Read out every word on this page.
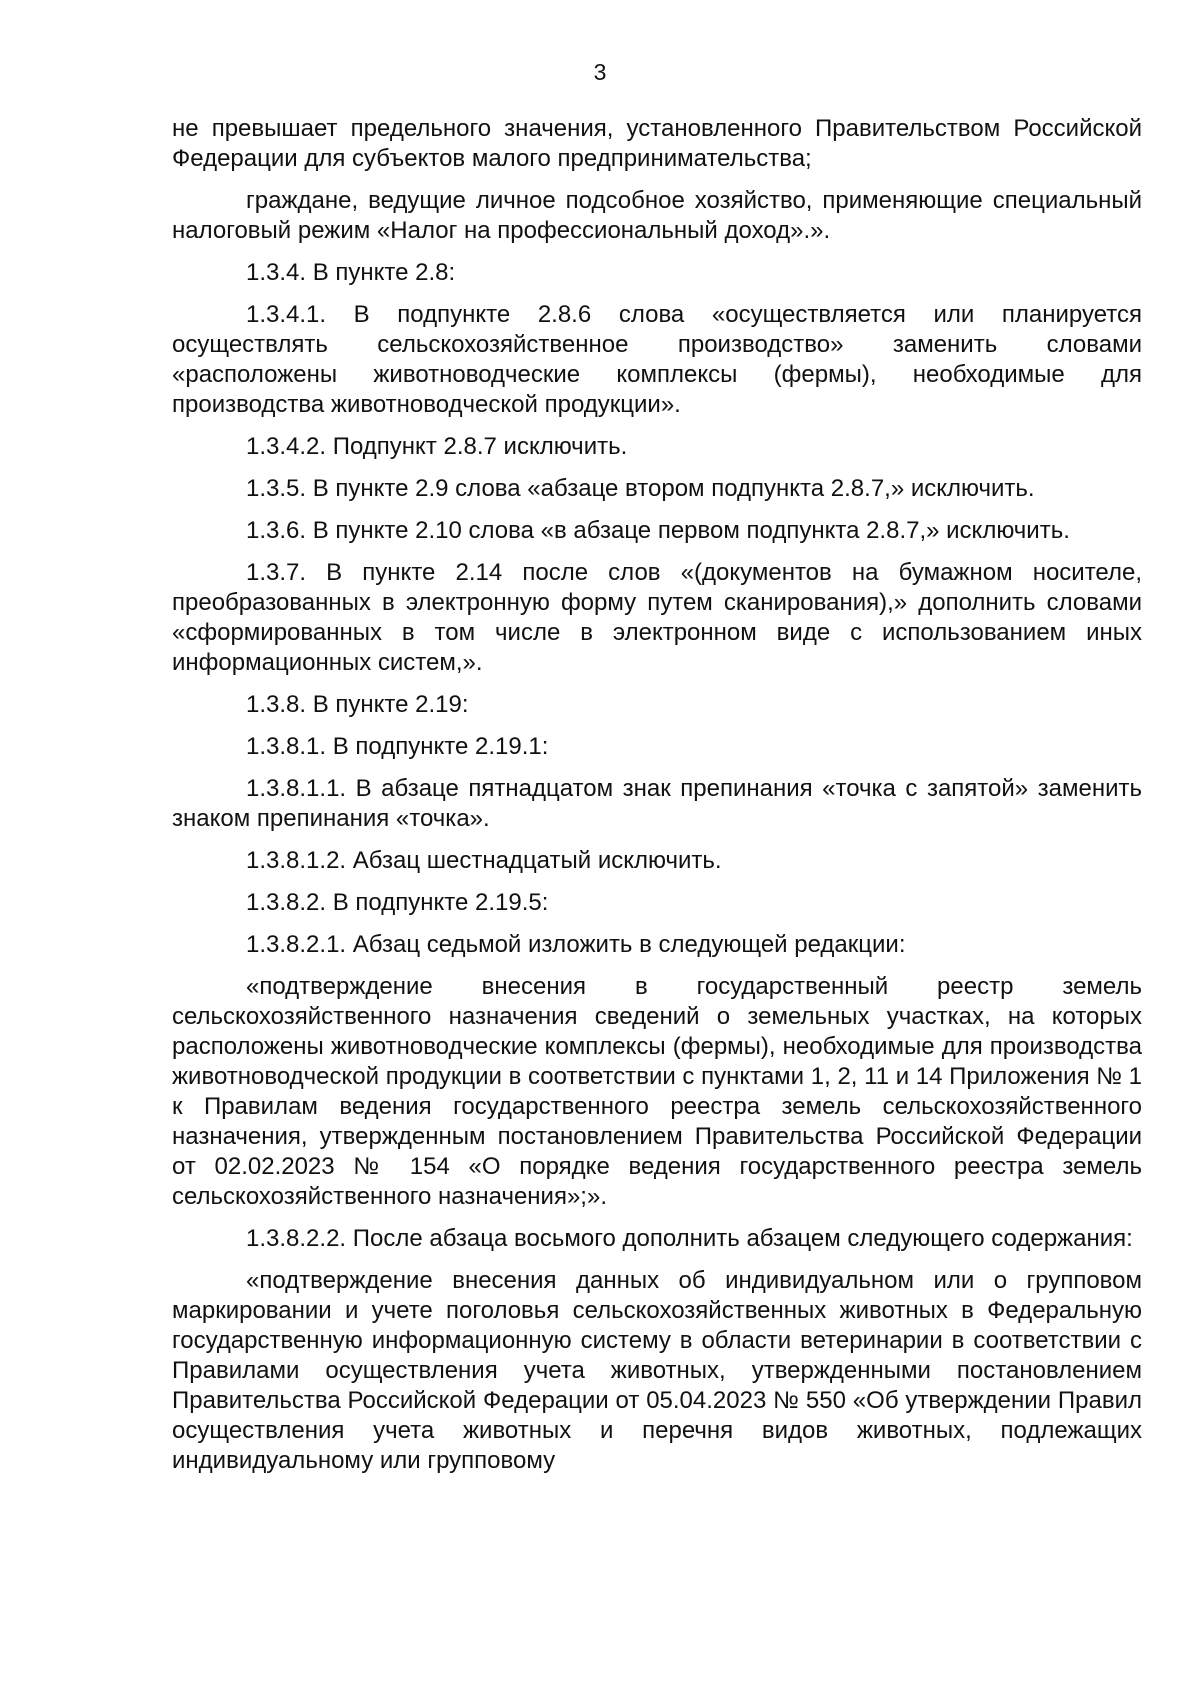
3

не превышает предельного значения, установленного Правительством Российской Федерации для субъектов малого предпринимательства;

граждане, ведущие личное подсобное хозяйство, применяющие специальный налоговый режим «Налог на профессиональный доход».».

1.3.4. В пункте 2.8:

1.3.4.1. В подпункте 2.8.6 слова «осуществляется или планируется осуществлять сельскохозяйственное производство» заменить словами «расположены животноводческие комплексы (фермы), необходимые для производства животноводческой продукции».

1.3.4.2. Подпункт 2.8.7 исключить.

1.3.5. В пункте 2.9 слова «абзаце втором подпункта 2.8.7,» исключить.

1.3.6. В пункте 2.10 слова «в абзаце первом подпункта 2.8.7,» исключить.

1.3.7. В пункте 2.14 после слов «(документов на бумажном носителе, преобразованных в электронную форму путем сканирования),» дополнить словами «сформированных в том числе в электронном виде с использованием иных информационных систем,».

1.3.8. В пункте 2.19:

1.3.8.1. В подпункте 2.19.1:

1.3.8.1.1. В абзаце пятнадцатом знак препинания «точка с запятой» заменить знаком препинания «точка».

1.3.8.1.2. Абзац шестнадцатый исключить.

1.3.8.2. В подпункте 2.19.5:

1.3.8.2.1. Абзац седьмой изложить в следующей редакции:

«подтверждение внесения в государственный реестр земель сельскохозяйственного назначения сведений о земельных участках, на которых расположены животноводческие комплексы (фермы), необходимые для производства животноводческой продукции в соответствии с пунктами 1, 2, 11 и 14 Приложения № 1 к Правилам ведения государственного реестра земель сельскохозяйственного назначения, утвержденным постановлением Правительства Российской Федерации от 02.02.2023 № 154 «О порядке ведения государственного реестра земель сельскохозяйственного назначения»;».

1.3.8.2.2. После абзаца восьмого дополнить абзацем следующего содержания:

«подтверждение внесения данных об индивидуальном или о групповом маркировании и учете поголовья сельскохозяйственных животных в Федеральную государственную информационную систему в области ветеринарии в соответствии с Правилами осуществления учета животных, утвержденными постановлением Правительства Российской Федерации от 05.04.2023 № 550 «Об утверждении Правил осуществления учета животных и перечня видов животных, подлежащих индивидуальному или групповому
